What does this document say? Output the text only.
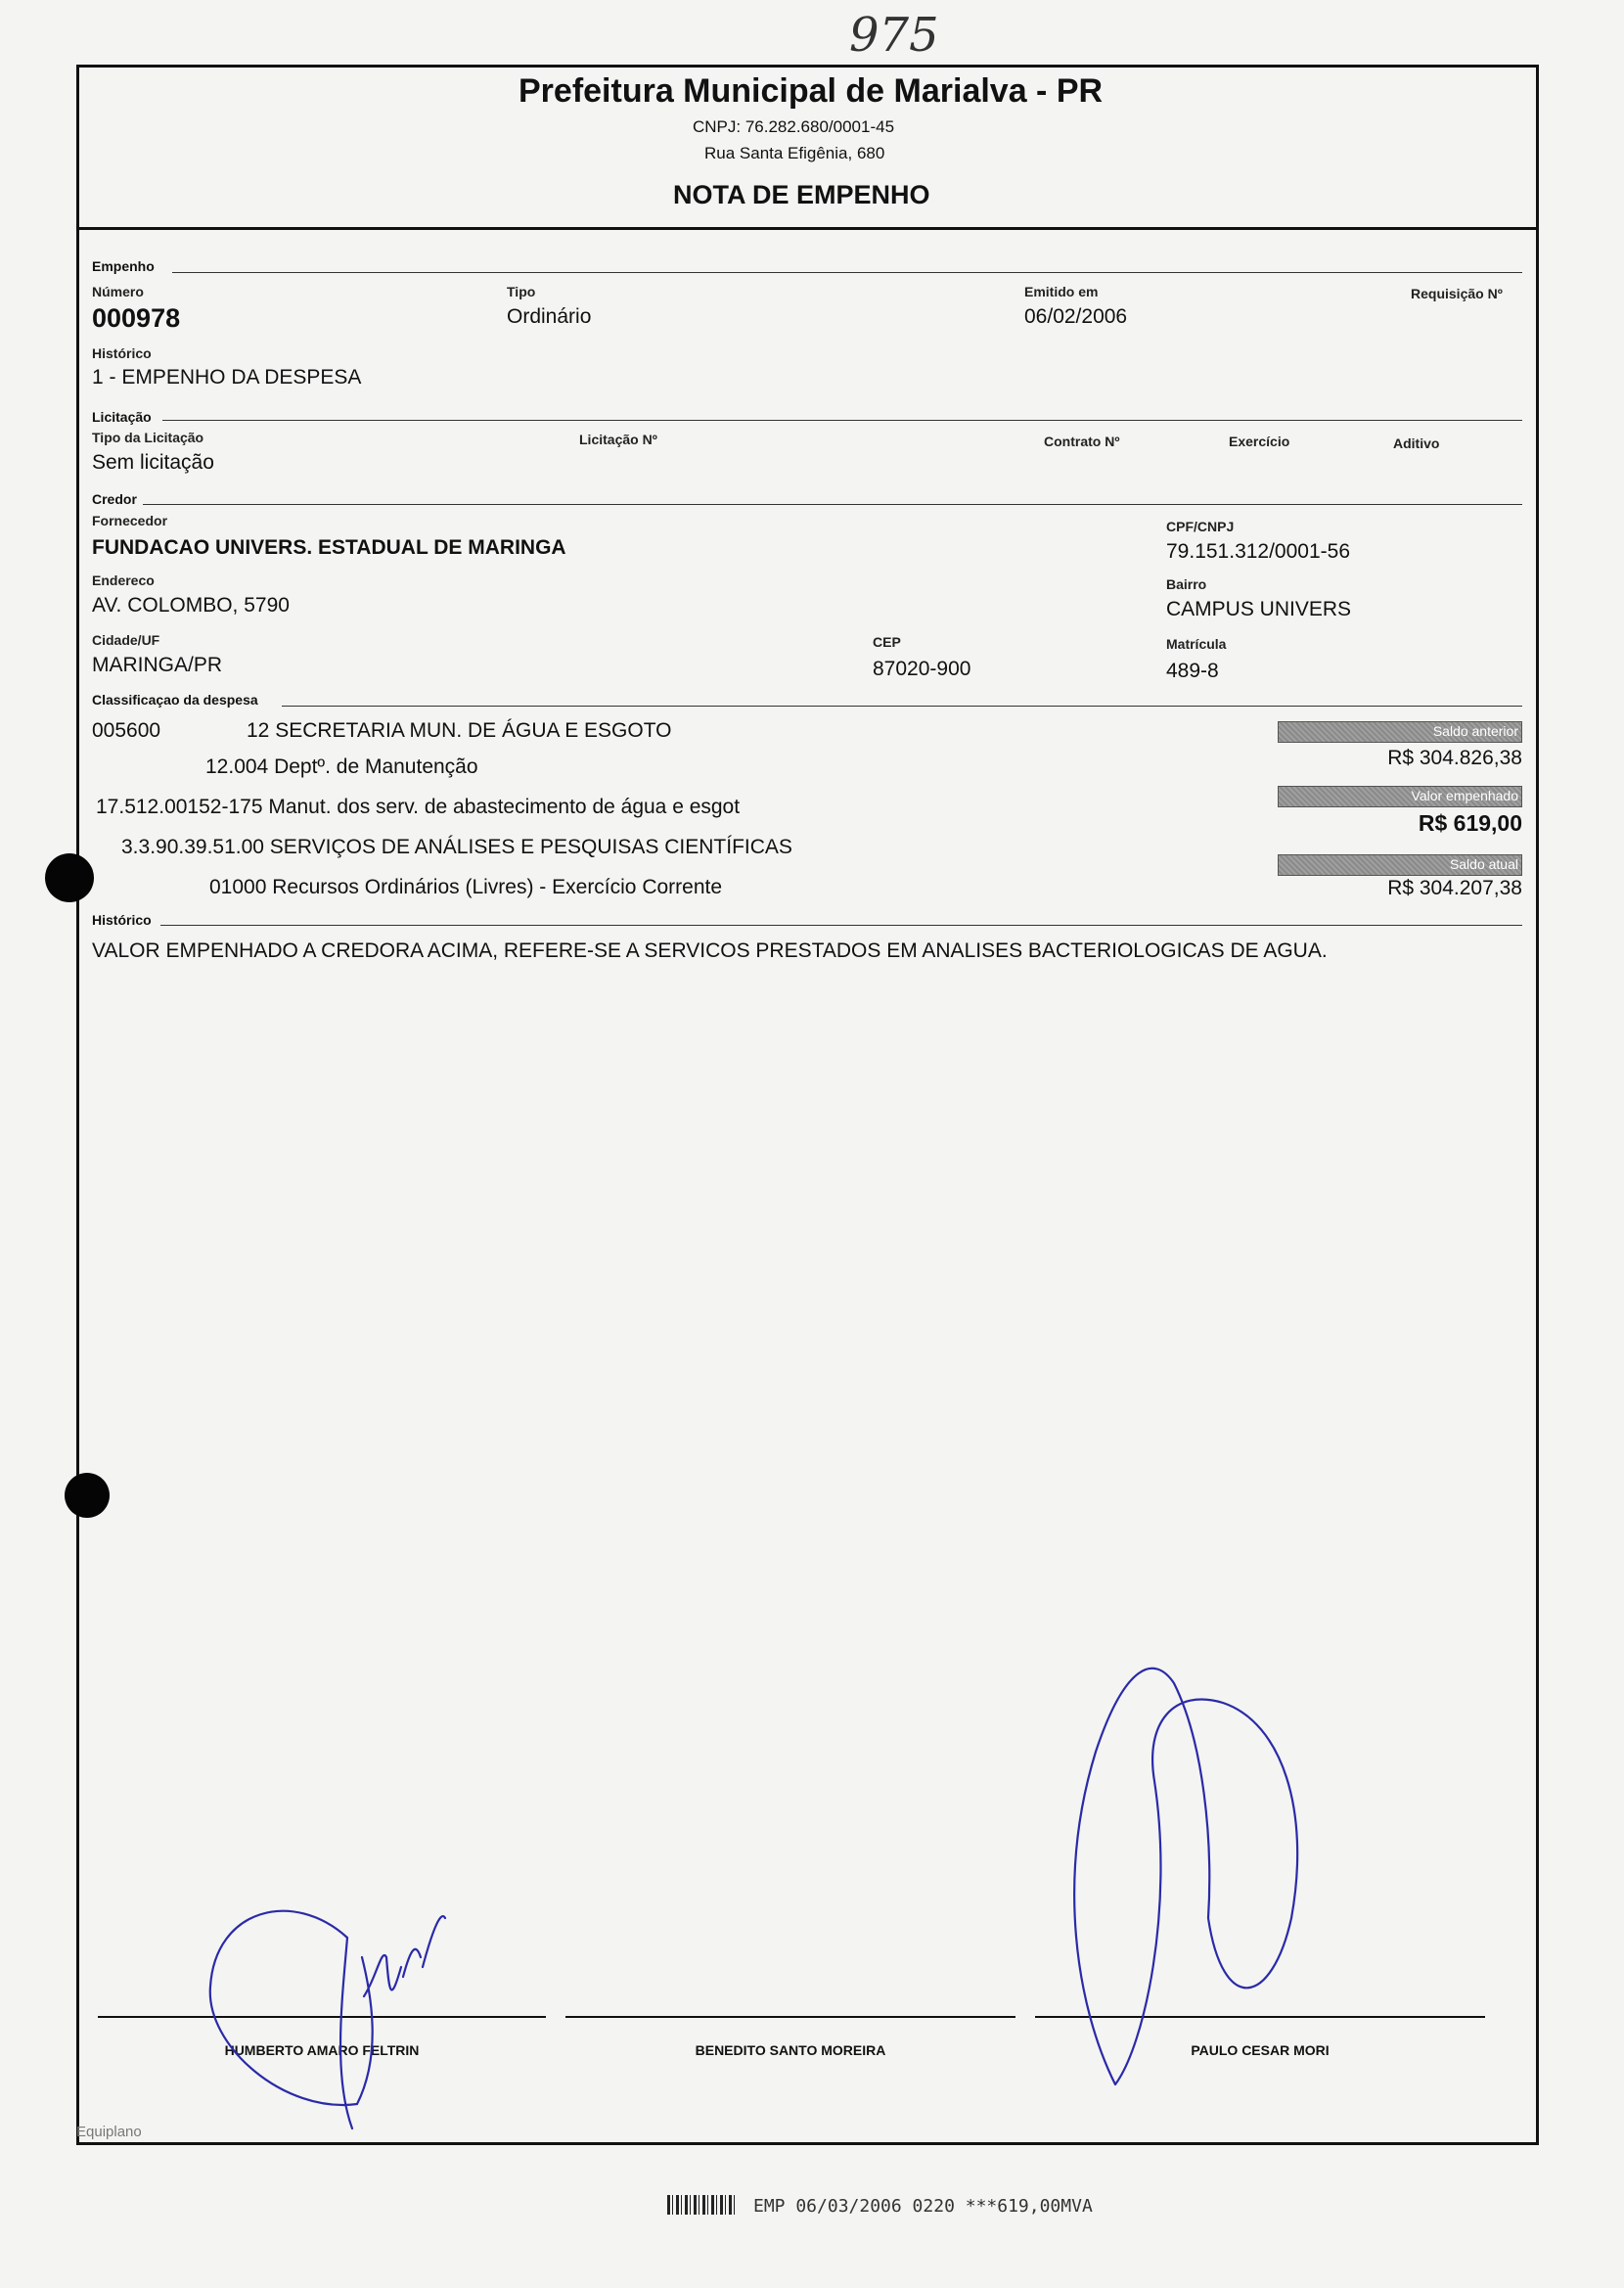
975
Prefeitura Municipal de Marialva - PR
CNPJ: 76.282.680/0001-45
Rua Santa Efigênia, 680
NOTA DE EMPENHO
Empenho
Número
000978
Tipo
Ordinário
Emitido em
06/02/2006
Requisição Nº
Histórico
1 - EMPENHO DA DESPESA
Licitação
Tipo da Licitação
Sem licitação
Licitação Nº	Contrato Nº	Exercício	Aditivo
Credor
Fornecedor
FUNDACAO UNIVERS. ESTADUAL DE MARINGA
CPF/CNPJ
79.151.312/0001-56
Endereco
AV. COLOMBO, 5790
Bairro
CAMPUS UNIVERS
Cidade/UF
MARINGA/PR
CEP
87020-900
Matrícula
489-8
Classificaçao da despesa
005600	12 SECRETARIA MUN. DE ÁGUA E ESGOTO
12.004 Deptº. de Manutenção
17.512.00152-175 Manut. dos serv. de abastecimento de água e esgot
3.3.90.39.51.00 SERVIÇOS DE ANÁLISES E PESQUISAS CIENTÍFICAS
01000 Recursos Ordinários (Livres) - Exercício Corrente
Saldo anterior
R$ 304.826,38
Valor empenhado
R$ 619,00
Saldo atual
R$ 304.207,38
Histórico
VALOR EMPENHADO A CREDORA ACIMA, REFERE-SE A SERVICOS PRESTADOS EM ANALISES BACTERIOLOGICAS DE AGUA.
HUMBERTO AMARO FELTRIN	BENEDITO SANTO MOREIRA	PAULO CESAR MORI
Equiplano
EMP 06/03/2006 0220 ***619,00MVA
